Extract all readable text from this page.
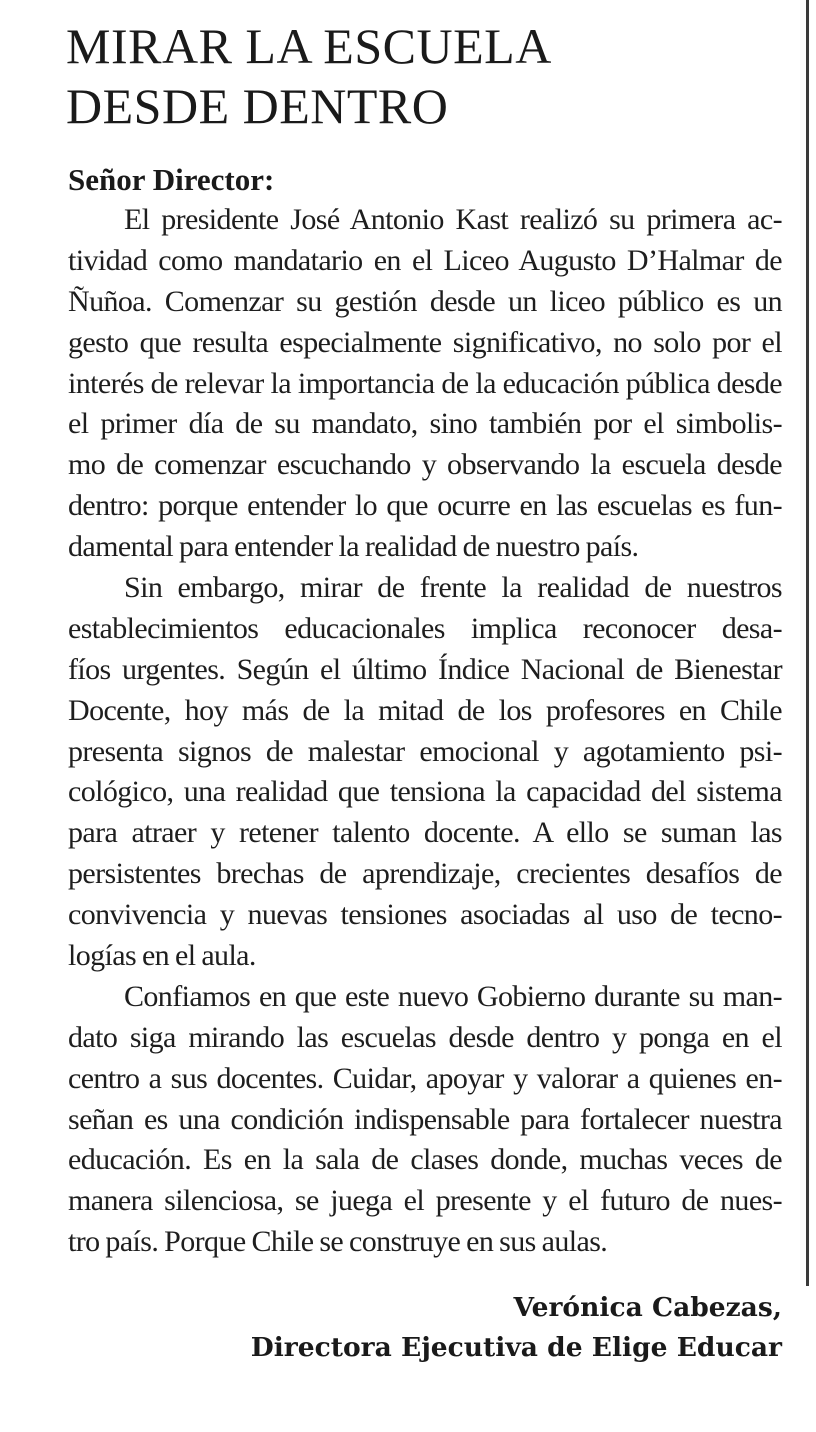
MIRAR LA ESCUELA
DESDE DENTRO

Señor Director:

El presidente José Antonio Kast realizó su primera ac-
tividad como mandatario en el Liceo Augusto D’Halmar de
Ñuñoa. Comenzar su gestión desde un liceo público es un
gesto que resulta especialmente significativo, no solo por el
interés de relevar la importancia de la educación pública desde
el primer día de su mandato, sino también por el simbolis-
mo de comenzar escuchando y observando la escuela desde
dentro: porque entender lo que ocurre en las escuelas es fun-
damental para entender la realidad de nuestro país.

Sin embargo, mirar de frente la realidad de nuestros
establecimientos educacionales implica reconocer desa-
fíos urgentes. Según el último Índice Nacional de Bienestar
Docente, hoy más de la mitad de los profesores en Chile
presenta signos de malestar emocional y agotamiento psi-
cológico, una realidad que tensiona la capacidad del sistema
para atraer y retener talento docente. A ello se suman las
persistentes brechas de aprendizaje, crecientes desafíos de
convivencia y nuevas tensiones asociadas al uso de tecno-
logías en el aula.

Confiamos en que este nuevo Gobierno durante su man-
dato siga mirando las escuelas desde dentro y ponga en el
centro a sus docentes. Cuidar, apoyar y valorar a quienes en-
señan es una condición indispensable para fortalecer nuestra
educación. Es en la sala de clases donde, muchas veces de
manera silenciosa, se juega el presente y el futuro de nues-
tro país. Porque Chile se construye en sus aulas.

Verónica Cabezas,
Directora Ejecutiva de Elige Educar
